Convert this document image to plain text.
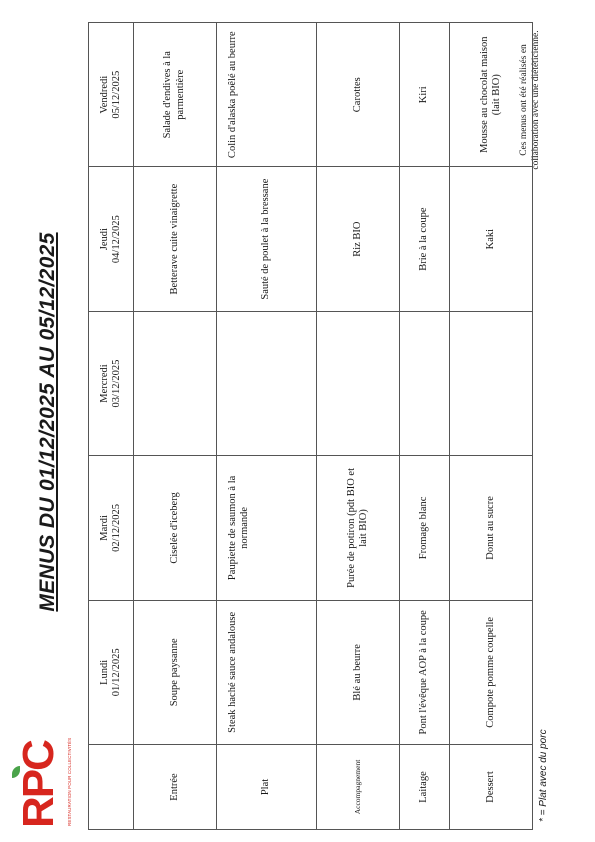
RPC RESTAURATION POUR COLLECTIVITÉS
MENUS DU 01/12/2025 AU 05/12/2025
Ces menus ont été réalisés en collaboration avec une diététicienne.

	Lundi 01/12/2025	Mardi 02/12/2025	Mercredi 03/12/2025	Jeudi 04/12/2025	Vendredi 05/12/2025

Entrée	Soupe paysanne	Ciselée d'iceberg		Betterave cuite vinaigrette	Salade d'endives à la parmentière
Plat	Steak haché sauce andalouse	Paupiette de saumon à la normande		Sauté de poulet à la bressane	Colin d'alaska poêlé au beurre
Accompagnement	Blé au beurre	Purée de potiron (pdt BIO et lait BIO)		Riz BIO	Carottes
Laitage	Pont l'évêque AOP à la coupe	Fromage blanc		Brie à la coupe	Kiri
Dessert	Compote pomme coupelle	Donut au sucre		Kaki	Mousse au chocolat maison (lait BIO)
* = Plat avec du porc
